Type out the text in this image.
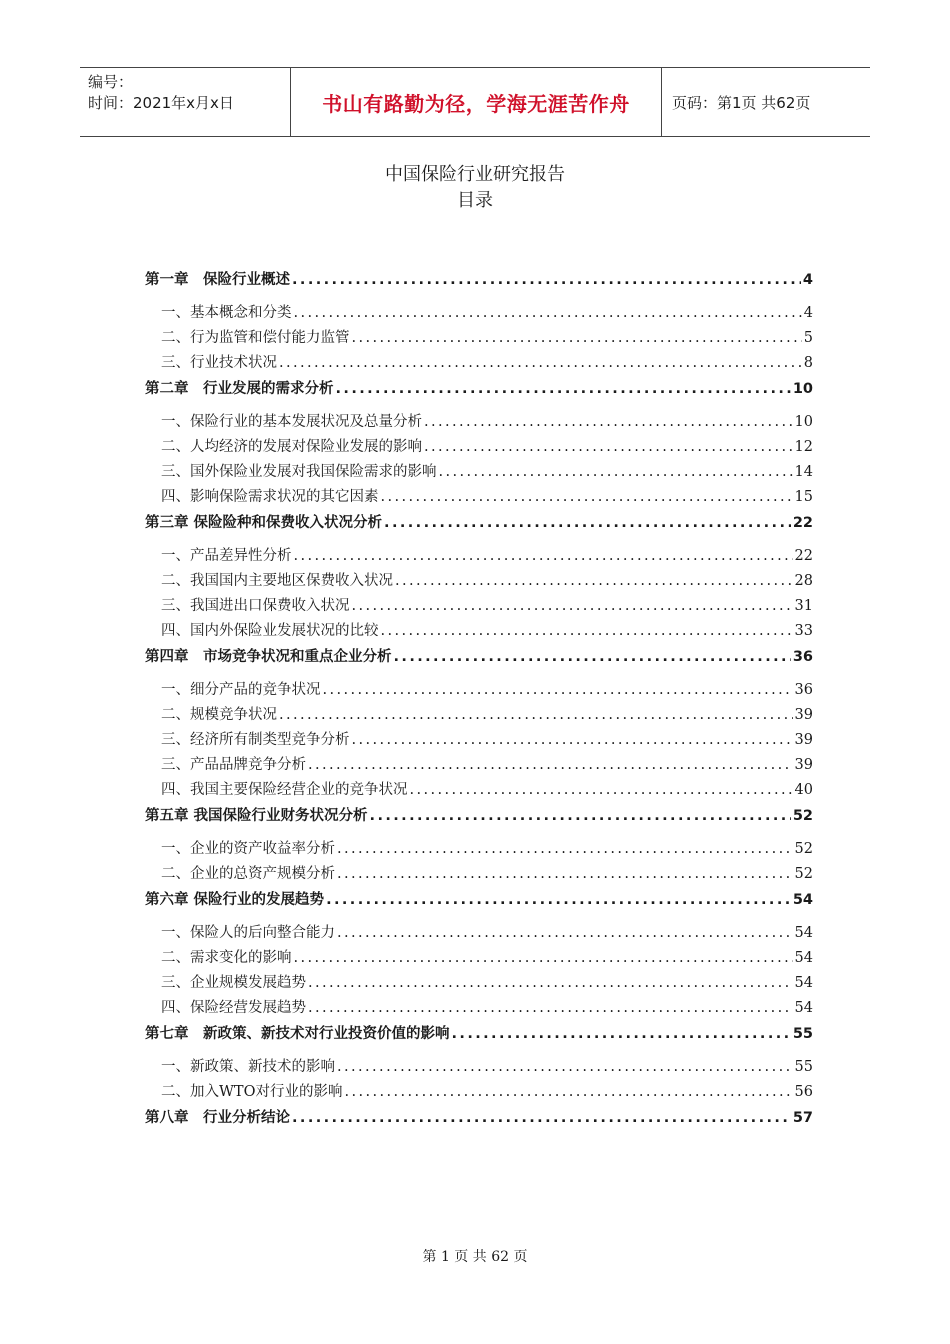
编号：
时间：2021年x月x日	书山有路勤为径，学海无涯苦作舟	页码：第1页 共62页
中国保险行业研究报告
目录
第一章　保险行业概述 .....	4
一、基本概念和分类 .....	4
二、行为监管和偿付能力监管 .....	5
三、行业技术状况 .....	8
第二章　行业发展的需求分析 .....	10
一、保险行业的基本发展状况及总量分析 .....	10
二、人均经济的发展对保险业发展的影响 .....	12
三、国外保险业发展对我国保险需求的影响 .....	14
四、影响保险需求状况的其它因素 .....	15
第三章 保险险种和保费收入状况分析 .....	22
一、产品差异性分析 .....	22
二、我国国内主要地区保费收入状况 .....	28
三、我国进出口保费收入状况 .....	31
四、国内外保险业发展状况的比较 .....	33
第四章　市场竞争状况和重点企业分析 .....	36
一、细分产品的竞争状况 .....	36
二、规模竞争状况 .....	39
三、经济所有制类型竞争分析 .....	39
三、产品品牌竞争分析 .....	39
四、我国主要保险经营企业的竞争状况 .....	40
第五章 我国保险行业财务状况分析 .....	52
一、企业的资产收益率分析 .....	52
二、企业的总资产规模分析 .....	52
第六章 保险行业的发展趋势 .....	54
一、保险人的后向整合能力 .....	54
二、需求变化的影响 .....	54
三、企业规模发展趋势 .....	54
四、保险经营发展趋势 .....	54
第七章　新政策、新技术对行业投资价值的影响 .....	55
一、新政策、新技术的影响 .....	55
二、加入WTO对行业的影响 .....	56
第八章　行业分析结论 .....	57
第 1 页 共 62 页
